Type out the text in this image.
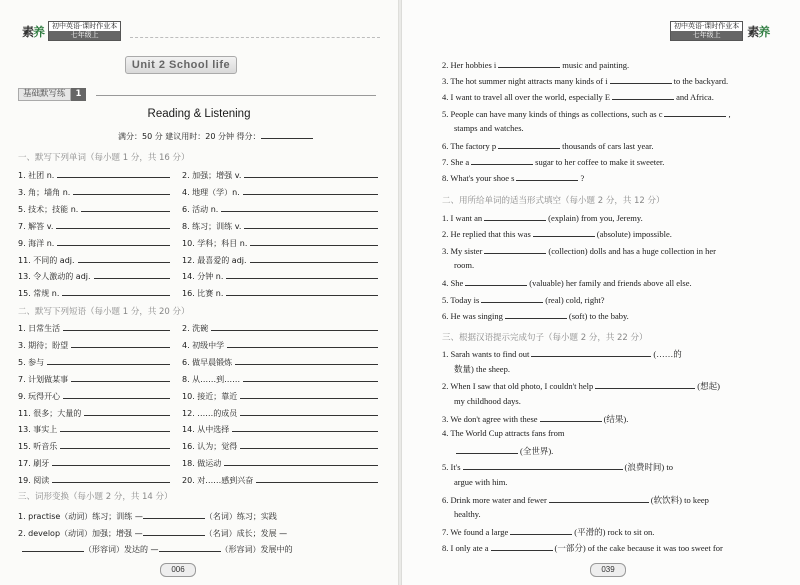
素养	初中英语·课时作业本
七年级上
Unit 2 School life
基础默写练	1
Reading & Listening
满分：50 分 建议用时：20 分钟 得分：
一、默写下列单词（每小题 1 分，共 16 分）
1. 社团 n.	2. 加强；增强 v.
3. 角；墙角 n.	4. 地理（学）n.
5. 技术；技能 n.	6. 活动 n.
7. 解答 v.	8. 练习；训练 v.
9. 海洋 n.	10. 学科；科目 n.
11. 不同的 adj.	12. 最喜爱的 adj.
13. 令人激动的 adj.	14. 分钟 n.
15. 常规 n.	16. 比赛 n.
二、默写下列短语（每小题 1 分，共 20 分）
1. 日常生活	2. 洗碗
3. 期待；盼望	4. 初级中学
5. 参与	6. 做早晨锻炼
7. 计划做某事	8. 从……到……
9. 玩得开心	10. 接近；靠近
11. 很多；大量的	12. ……的成员
13. 事实上	14. 从中选择
15. 听音乐	16. 认为；觉得
17. 刷牙	18. 做运动
19. 阅读	20. 对……感到兴奋
三、词形变换（每小题 2 分，共 14 分）
1. practise（动词）练习；训练 —	（名词）练习；实践
2. develop（动词）加强；增强 —	（名词）成长；发展 —
（形容词）发达的 —	（形容词）发展中的
006
初中英语·课时作业本
七年级上	素养
2. Her hobbies i	music and painting.
3. The hot summer night attracts many kinds of i	to the backyard.
4. I want to travel all over the world, especially E	and Africa.
5. People can have many kinds of things as collections, such as c	,
stamps and watches.
6. The factory p	thousands of cars last year.
7. She a	sugar to her coffee to make it sweeter.
8. What's your shoe s	?
二、用所给单词的适当形式填空（每小题 2 分，共 12 分）
1. I want an	(explain) from you, Jeremy.
2. He replied that this was	(absolute) impossible.
3. My sister	(collection) dolls and has a huge collection in her
room.
4. She	(valuable) her family and friends above all else.
5. Today is	(real) cold, right?
6. He was singing	(soft) to the baby.
三、根据汉语提示完成句子（每小题 2 分，共 22 分）
1. Sarah wants to find out	(……的
数量) the sheep.
2. When I saw that old photo, I couldn't help	(想起)
my childhood days.
3. We don't agree with these	(结果).
4. The World Cup attracts fans from
(全世界).
5. It's	(浪费时间) to
argue with him.
6. Drink more water and fewer	(软饮料) to keep
healthy.
7. We found a large	(平滑的) rock to sit on.
8. I only ate a	(一部分) of the cake because it was too sweet for
039
